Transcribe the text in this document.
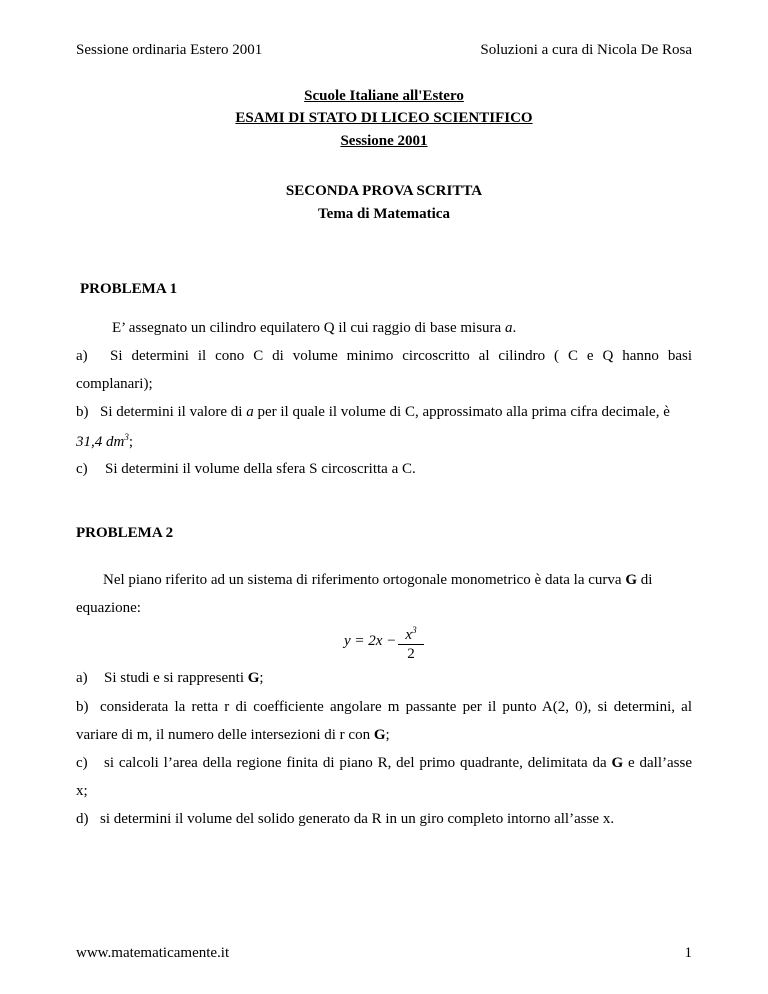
Sessione ordinaria Estero 2001	Soluzioni a cura di Nicola De Rosa
Scuole Italiane all'Estero
ESAMI DI STATO DI LICEO SCIENTIFICO
Sessione 2001
SECONDA PROVA SCRITTA
Tema di Matematica
PROBLEMA 1
E’ assegnato un cilindro equilatero Q il cui raggio di base misura a.
a) Si determini il cono C di volume minimo circoscritto al cilindro ( C e Q hanno basi
complanari);
b) Si determini il valore di a per il quale il volume di C, approssimato alla prima cifra decimale, è
31,4 $dm^3$;
c) Si determini il volume della sfera S circoscritta a C.
PROBLEMA 2
Nel piano riferito ad un sistema di riferimento ortogonale monometrico è data la curva G di
equazione:
$y = 2x - x^3$
2
a) Si studi e si rappresenti G;
b) considerata la retta r di coefficiente angolare m passante per il punto A(2, 0), si determini, al
variare di m, il numero delle intersezioni di r con G;
c) si calcoli l’area della regione finita di piano R, del primo quadrante, delimitata da G e dall’asse
x;
d) si determini il volume del solido generato da R in un giro completo intorno all’asse x.
www.matematicamente.it	1
